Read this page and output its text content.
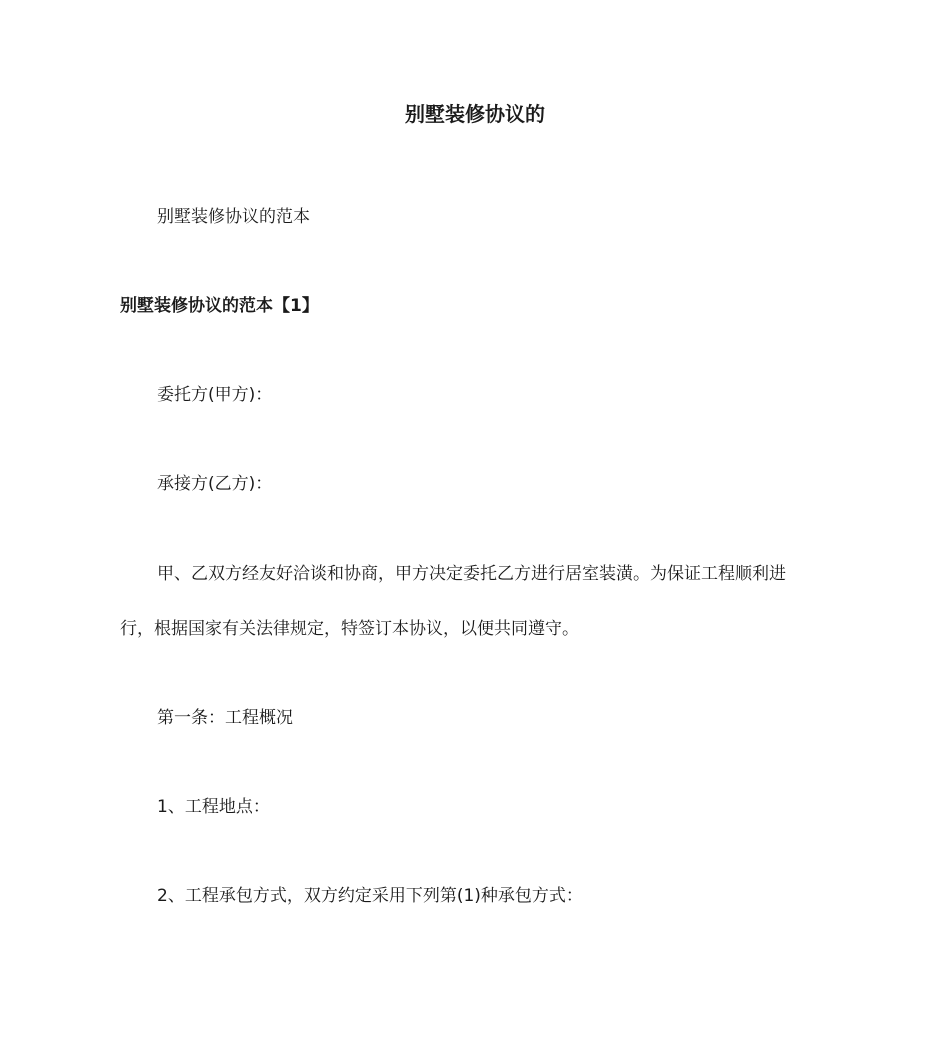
别墅装修协议的
别墅装修协议的范本
别墅装修协议的范本【1】
委托方(甲方)：
承接方(乙方)：
甲、乙双方经友好洽谈和协商，甲方决定委托乙方进行居室装潢。为保证工程顺利进
行，根据国家有关法律规定，特签订本协议，以便共同遵守。
第一条：工程概况
1、工程地点：
2、工程承包方式，双方约定采用下列第(1)种承包方式：
